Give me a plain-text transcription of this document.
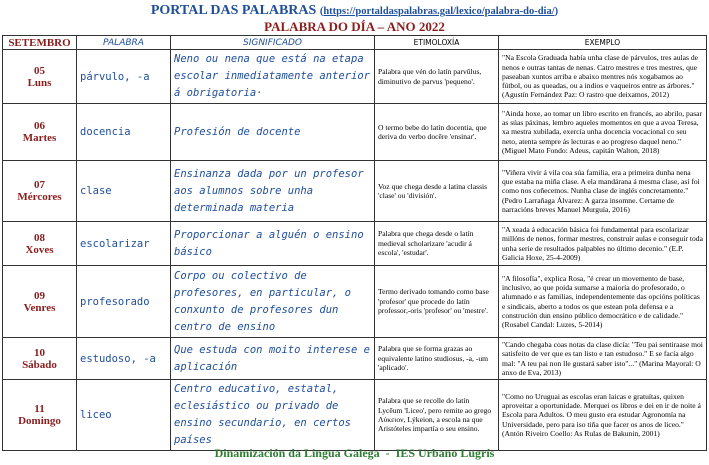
PORTAL DAS PALABRAS (https://portaldaspalabras.gal/lexico/palabra-do-dia/)
PALABRA DO DÍA – ANO 2022
SETEMBRO	PALABRA	SIGNIFICADO	ETIMOLOXÍA	EXEMPLO

05
Luns	párvulo, -a	Neno ou nena que está na etapa escolar inmediatamente anterior á obrigatoria·	Palabra que vén do latín parvŭlus, diminutivo de parvus 'pequeno'.	"Na Escola Graduada había unha clase de párvulos, tres aulas de nenos e outras tantas de nenas. Catro mestres e tres mestres, que paseaban xuntos arriba e abaixo mentres nós xogabamos ao fútbol, ou as queadas, ou a indios e vaqueiros entre as árbores." (Agustín Fernández Paz: O rastro que deixamos, 2012)

06
Martes	docencia	Profesión de docente	O termo bebe do latín docentia, que deriva do verbo docēre 'ensinar'.	"Ainda hoxe, ao tomar un libro escrito en francés, ao abrilo, pasar as súas páxinas, lembro aqueles momentos en que a avoa Teresa, xa mestra xubilada, exercía unha docencia vocacional co seu neto, atenta sempre ás lecturas e ao progreso daquel neno." (Miguel Mato Fondo: Adeus, capitán Walton, 2018)

07
Mércores	clase	Ensinanza dada por un profesor aos alumnos sobre unha determinada materia	Voz que chega desde a latina classis 'clase' ou 'división'.	"Viñera vivir á vila coa súa familia, era a primeira dunha nena que estaba na miña clase. A ela mandárana á mesma clase, así foi como nos coñecemos. Nunha clase de inglés concretamente." (Pedro Larrañaga Álvarez: A garza insomne. Certame de narracións breves Manuel Murguía, 2016)

08
Xoves	escolarizar	Proporcionar a alguén o ensino básico	Palabra que chega desde o latín medieval scholarizare 'acudir á escola', 'estudar'.	"A xeada á educación básica foi fundamental para escolarizar millóns de nenos, formar mestres, construír aulas e conseguir toda unha serie de resultados palpables no último decenio." (E.P. Galicia Hoxe, 25-4-2009)

09
Venres	profesorado	Corpo ou colectivo de profesores, en particular, o conxunto de profesores dun centro de ensino	Termo derivado tomando como base 'profesor' que procede do latín professor,-oris 'profesor' ou 'mestre'.	"A filosofía", explica Rosa, "é crear un movemento de base, inclusivo, ao que poida sumarse a maioría do profesorado, o alumnado e as familias, independentemente das opcións políticas e sindicais, aberto a todos os que estean pola defensa e a construción dun ensino público democrático e de calidade." (Rosabel Candal: Luzes, 5-2014)

10
Sábado	estudoso, -a	Que estuda con moito interese e aplicación	Palabra que se forma grazas ao equivalente latino studiosus, -a, -um 'aplicado'.	"Cando chegaba coas notas da clase dicía: "Teu pai sentiraase moi satisfeito de ver que es tan listo e tan estudoso." E se facía algo mal: "A teu pai non lle gustará saber isto"..." (Marina Mayoral: O anxo de Eva, 2013)

11
Domingo	liceo	Centro educativo, estatal, eclesiástico ou privado de ensino secundario, en certos países	Palabra que se recolle do latín Lycēum 'Liceo', pero remite ao grego Λύκειον, Lýkeion, a escola na que Aristóteles impartía o seu ensino.	"Como no Uruguai as escolas eran laicas e gratuítas, quixen aproveitar a oportunidade. Merquei os libros e dei en ir de noite á Escola para Adultos. O meu gusto era estudar Agronomía na Universidade, pero para iso tiña que facer os anos de liceo." (Antón Riveiro Coello: As Rulas de Bakunin, 2001)
Dinamización da Lingua Galega - IES Urbano Lugrís
